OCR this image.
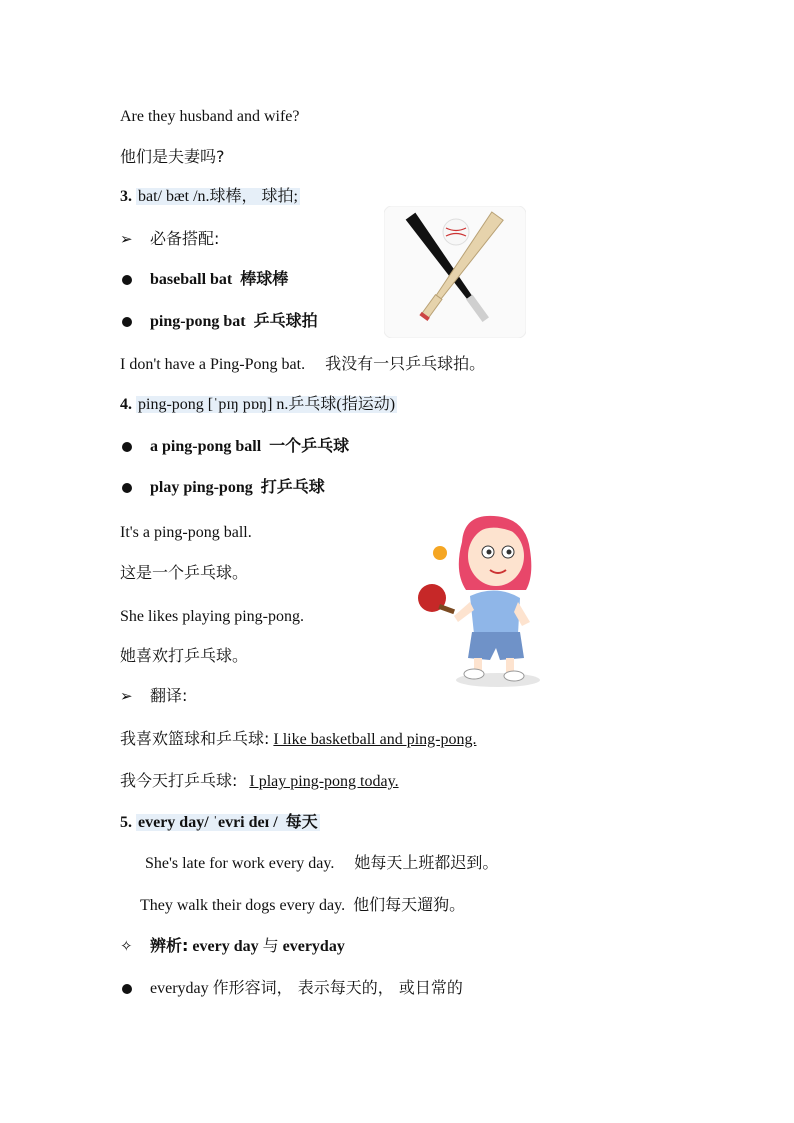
Are they husband and wife?
他们是夫妻吗?
3. bat/ bæt /n.球棒， 球拍;
➢ 必备搭配:
baseball bat 棒球棒
ping-pong bat 乒乓球拍
I don't have a Ping-Pong bat. 我没有一只乒乓球拍。
4. ping-pong [ˈpɪŋ pɒŋ] n.乒乓球(指运动)
a ping-pong ball 一个乒乓球
play ping-pong 打乒乓球
It's a ping-pong ball.
这是一个乒乓球。
She likes playing ping-pong.
她喜欢打乒乓球。
➢ 翻译:
我喜欢篮球和乒乓球: I like basketball and ping-pong.
我今天打乒乓球: I play ping-pong today.
5. every day/ ˈevri deɪ / 每天
She's late for work every day. 她每天上班都迟到。
They walk their dogs every day. 他们每天遛狗。
✧ 辨析: every day 与 everyday
everyday 作形容词， 表示每天的， 或日常的
